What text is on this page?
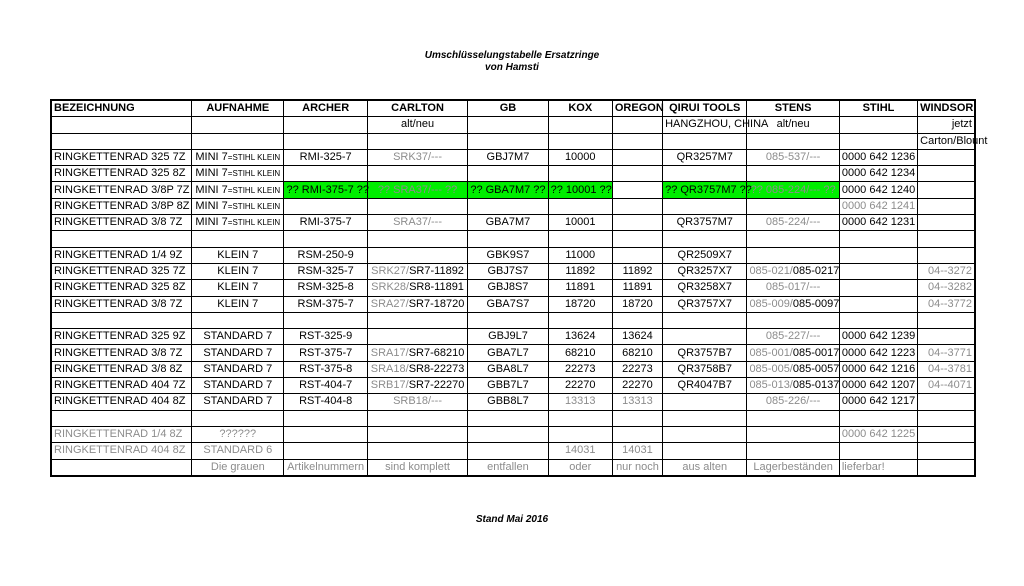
Umschlüsselungstabelle Ersatzringe
von Hamsti
BEZEICHNUNG	AUFNAHME	ARCHER	CARLTON	GB	KOX	OREGON	QIRUI TOOLS	STENS	STIHL	WINDSOR
			alt/neu				HANGZHOU, CHINA	alt/neu		jetzt
										Carton/Blount
RINGKETTENRAD 325 7Z	MINI 7=STIHL KLEIN	RMI-325-7	SRK37/---	GBJ7M7	10000		QR3257M7	085-537/---	0000 642 1236	
RINGKETTENRAD 325 8Z	MINI 7=STIHL KLEIN								0000 642 1234	
RINGKETTENRAD 3/8P 7Z	MINI 7=STIHL KLEIN	?? RMI-375-7 ??	?? SRA37/--- ??	?? GBA7M7 ??	?? 10001 ??		?? QR3757M7 ??	?? 085-224/--- ??	0000 642 1240	
RINGKETTENRAD 3/8P 8Z	MINI 7=STIHL KLEIN								0000 642 1241	
RINGKETTENRAD 3/8 7Z	MINI 7=STIHL KLEIN	RMI-375-7	SRA37/---	GBA7M7	10001		QR3757M7	085-224/---	0000 642 1231	

RINGKETTENRAD 1/4 9Z	KLEIN 7	RSM-250-9		GBK9S7	11000		QR2509X7			
RINGKETTENRAD 325 7Z	KLEIN 7	RSM-325-7	SRK27/SR7-11892	GBJ7S7	11892	11892	QR3257X7	085-021/085-0217		04--3272
RINGKETTENRAD 325 8Z	KLEIN 7	RSM-325-8	SRK28/SR8-11891	GBJ8S7	11891	11891	QR3258X7	085-017/---		04--3282
RINGKETTENRAD 3/8 7Z	KLEIN 7	RSM-375-7	SRA27/SR7-18720	GBA7S7	18720	18720	QR3757X7	085-009/085-0097		04--3772

RINGKETTENRAD 325 9Z	STANDARD 7	RST-325-9		GBJ9L7	13624	13624		085-227/---	0000 642 1239	
RINGKETTENRAD 3/8 7Z	STANDARD 7	RST-375-7	SRA17/SR7-68210	GBA7L7	68210	68210	QR3757B7	085-001/085-0017	0000 642 1223	04--3771
RINGKETTENRAD 3/8 8Z	STANDARD 7	RST-375-8	SRA18/SR8-22273	GBA8L7	22273	22273	QR3758B7	085-005/085-0057	0000 642 1216	04--3781
RINGKETTENRAD 404 7Z	STANDARD 7	RST-404-7	SRB17/SR7-22270	GBB7L7	22270	22270	QR4047B7	085-013/085-0137	0000 642 1207	04--4071
RINGKETTENRAD 404 8Z	STANDARD 7	RST-404-8	SRB18/---	GBB8L7	13313	13313		085-226/---	0000 642 1217	

RINGKETTENRAD 1/4 8Z	??????								0000 642 1225	
RINGKETTENRAD 404 8Z	STANDARD 6				14031	14031				
	Die grauen	Artikelnummern	sind komplett	entfallen	oder	nur noch	aus alten	Lagerbeständen	lieferbar!	
Stand Mai 2016
